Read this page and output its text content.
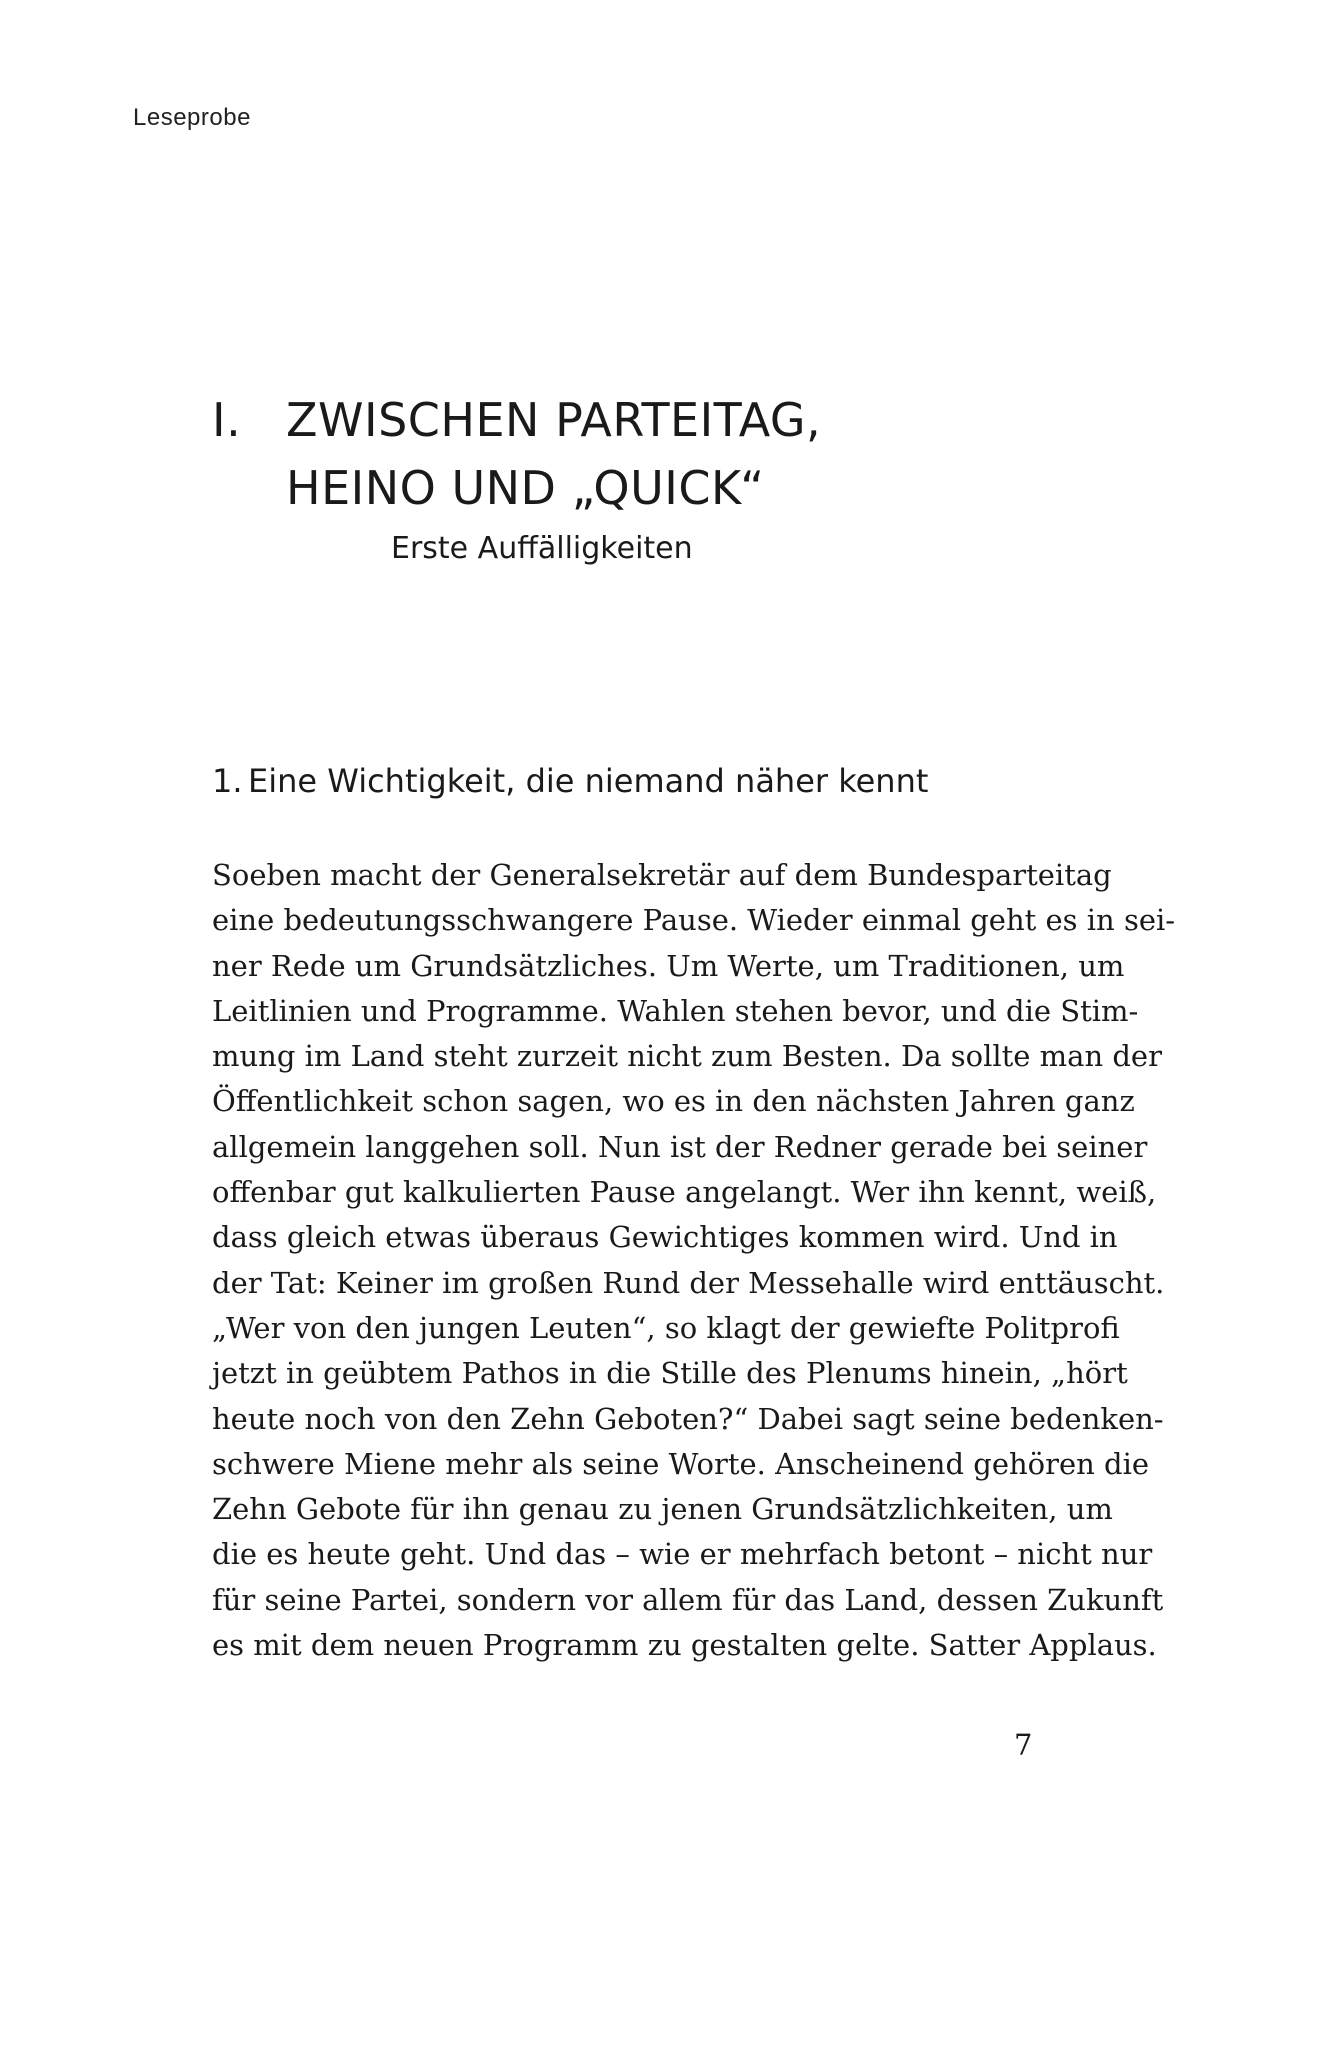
Leseprobe
I. ZWISCHEN PARTEITAG,
HEINO UND „QUICK“
Erste Auffälligkeiten
1. Eine Wichtigkeit, die niemand näher kennt
Soeben macht der Generalsekretär auf dem Bundesparteitag
eine bedeutungsschwangere Pause. Wieder einmal geht es in sei-
ner Rede um Grundsätzliches. Um Werte, um Traditionen, um
Leitlinien und Programme. Wahlen stehen bevor, und die Stim-
mung im Land steht zurzeit nicht zum Besten. Da sollte man der
Öffentlichkeit schon sagen, wo es in den nächsten Jahren ganz
allgemein langgehen soll. Nun ist der Redner gerade bei seiner
offenbar gut kalkulierten Pause angelangt. Wer ihn kennt, weiß,
dass gleich etwas überaus Gewichtiges kommen wird. Und in
der Tat: Keiner im großen Rund der Messehalle wird enttäuscht.
„Wer von den jungen Leuten“, so klagt der gewiefte Politprofi
jetzt in geübtem Pathos in die Stille des Plenums hinein, „hört
heute noch von den Zehn Geboten?“ Dabei sagt seine bedenken-
schwere Miene mehr als seine Worte. Anscheinend gehören die
Zehn Gebote für ihn genau zu jenen Grundsätzlichkeiten, um
die es heute geht. Und das – wie er mehrfach betont – nicht nur
für seine Partei, sondern vor allem für das Land, dessen Zukunft
es mit dem neuen Programm zu gestalten gelte. Satter Applaus.
7
